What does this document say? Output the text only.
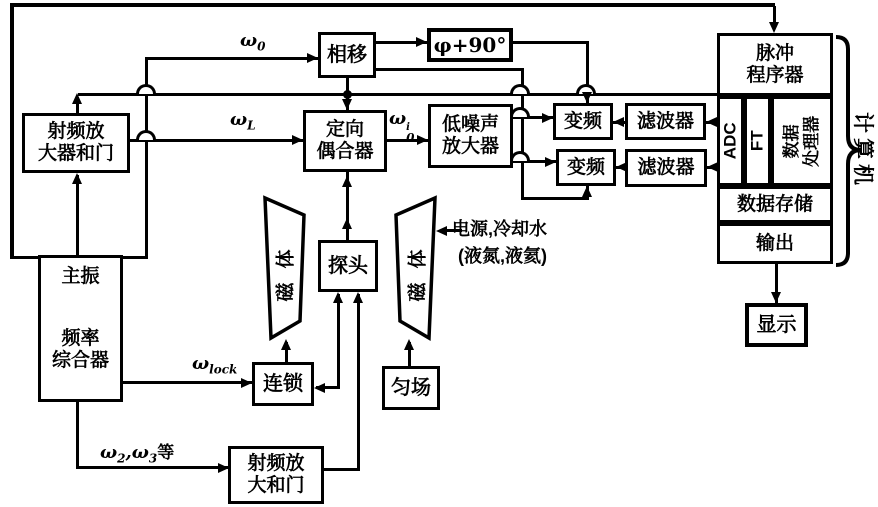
射频放
大器和门
相移	φ+90°
定向
偶合器
低噪声
放大器
变频 滤波器
变频 滤波器
脉冲
程序器
ADC FT 数据 处理器
数据存储
输出
显示
计算机
主振
频率
综合器
连锁	匀场
射频放
大和门
探头
磁体	磁体
$\omega_0$
$\omega_L$	ω i
0
$\omega_{lock}$
$\omega_2,\omega_3$等
电源,冷却水
(液氮,液氦)
